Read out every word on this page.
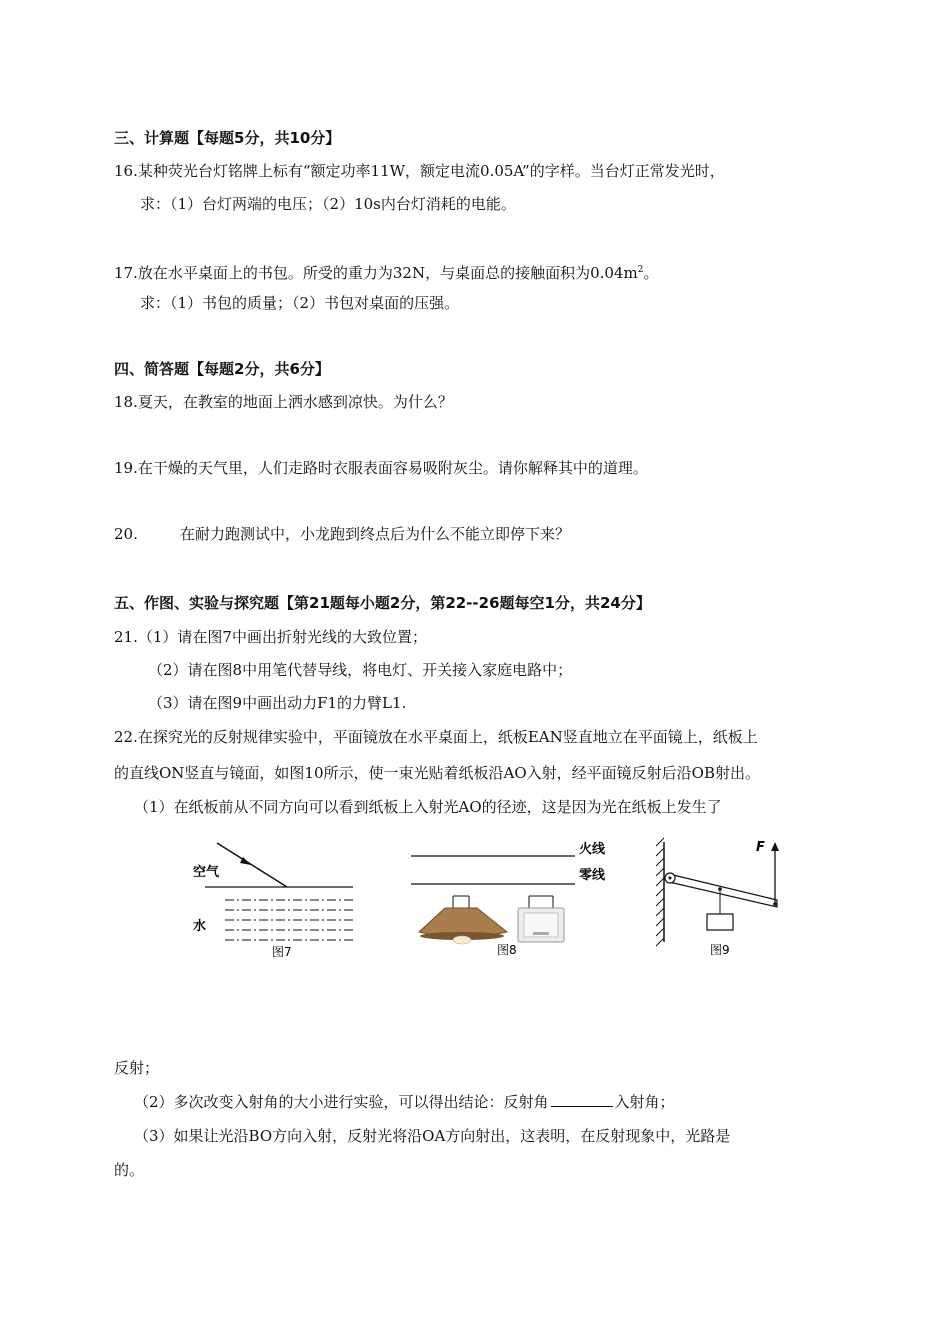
三、计算题【每题5分，共10分】
16.某种荧光台灯铭牌上标有“额定功率11W，额定电流0.05A”的字样。当台灯正常发光时，
求：（1）台灯两端的电压；（2）10s内台灯消耗的电能。
17.放在水平桌面上的书包。所受的重力为32N，与桌面总的接触面积为$0.04m^2$。
求：（1）书包的质量；（2）书包对桌面的压强。
四、简答题【每题2分，共6分】
18.夏天，在教室的地面上洒水感到凉快。为什么？
19.在干燥的天气里，人们走路时衣服表面容易吸附灰尘。请你解释其中的道理。
20.	在耐力跑测试中，小龙跑到终点后为什么不能立即停下来？
五、作图、实验与探究题【第21题每小题2分，第22--26题每空1分，共24分】
21.（1）请在图7中画出折射光线的大致位置；
（2）请在图8中用笔代替导线，将电灯、开关接入家庭电路中；
（3）请在图9中画出动力F1的力臂L1.
22.在探究光的反射规律实验中，平面镜放在水平桌面上，纸板EAN竖直地立在平面镜上，纸板上
的直线ON竖直与镜面，如图10所示，使一束光贴着纸板沿AO入射，经平面镜反射后沿OB射出。
（1）在纸板前从不同方向可以看到纸板上入射光AO的径迹，这是因为光在纸板上发生了
空气
水
图7
火线
零线
图8
F
图9
反射；
（2）多次改变入射角的大小进行实验，可以得出结论：反射角	入射角；
（3）如果让光沿BO方向入射，反射光将沿OA方向射出，这表明，在反射现象中，光路是
的。
